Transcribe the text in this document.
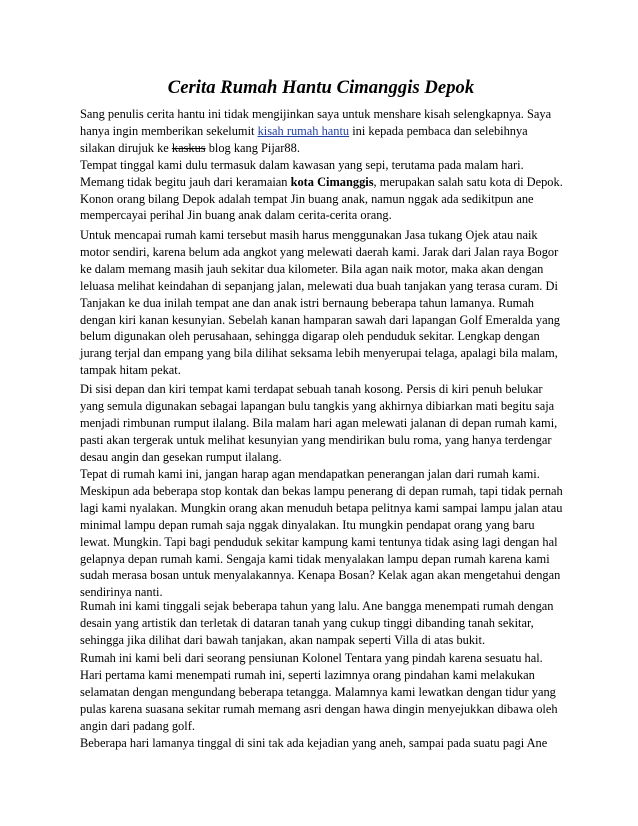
Cerita Rumah Hantu Cimanggis Depok

Sang penulis cerita hantu ini tidak mengijinkan saya untuk menshare kisah selengkapnya. Saya
hanya ingin memberikan sekelumit kisah rumah hantu ini kepada pembaca dan selebihnya
silakan dirujuk ke kaskus blog kang Pijar88.

Tempat tinggal kami dulu termasuk dalam kawasan yang sepi, terutama pada malam hari.
Memang tidak begitu jauh dari keramaian kota Cimanggis, merupakan salah satu kota di Depok.
Konon orang bilang Depok adalah tempat Jin buang anak, namun nggak ada sedikitpun ane
mempercayai perihal Jin buang anak dalam cerita-cerita orang.

Untuk mencapai rumah kami tersebut masih harus menggunakan Jasa tukang Ojek atau naik
motor sendiri, karena belum ada angkot yang melewati daerah kami. Jarak dari Jalan raya Bogor
ke dalam memang masih jauh sekitar dua kilometer. Bila agan naik motor, maka akan dengan
leluasa melihat keindahan di sepanjang jalan, melewati dua buah tanjakan yang terasa curam. Di
Tanjakan ke dua inilah tempat ane dan anak istri bernaung beberapa tahun lamanya. Rumah
dengan kiri kanan kesunyian. Sebelah kanan hamparan sawah dari lapangan Golf Emeralda yang
belum digunakan oleh perusahaan, sehingga digarap oleh penduduk sekitar. Lengkap dengan
jurang terjal dan empang yang bila dilihat seksama lebih menyerupai telaga, apalagi bila malam,
tampak hitam pekat.

Di sisi depan dan kiri tempat kami terdapat sebuah tanah kosong. Persis di kiri penuh belukar
yang semula digunakan sebagai lapangan bulu tangkis yang akhirnya dibiarkan mati begitu saja
menjadi rimbunan rumput ilalang. Bila malam hari agan melewati jalanan di depan rumah kami,
pasti akan tergerak untuk melihat kesunyian yang mendirikan bulu roma, yang hanya terdengar
desau angin dan gesekan rumput ilalang.

Tepat di rumah kami ini, jangan harap agan mendapatkan penerangan jalan dari rumah kami.
Meskipun ada beberapa stop kontak dan bekas lampu penerang di depan rumah, tapi tidak pernah
lagi kami nyalakan. Mungkin orang akan menuduh betapa pelitnya kami sampai lampu jalan atau
minimal lampu depan rumah saja nggak dinyalakan. Itu mungkin pendapat orang yang baru
lewat. Mungkin. Tapi bagi penduduk sekitar kampung kami tentunya tidak asing lagi dengan hal
gelapnya depan rumah kami. Sengaja kami tidak menyalakan lampu depan rumah karena kami
sudah merasa bosan untuk menyalakannya. Kenapa Bosan? Kelak agan akan mengetahui dengan
sendirinya nanti.

Rumah ini kami tinggali sejak beberapa tahun yang lalu. Ane bangga menempati rumah dengan
desain yang artistik dan terletak di dataran tanah yang cukup tinggi dibanding tanah sekitar,
sehingga jika dilihat dari bawah tanjakan, akan nampak seperti Villa di atas bukit.

Rumah ini kami beli dari seorang pensiunan Kolonel Tentara yang pindah karena sesuatu hal.
Hari pertama kami menempati rumah ini, seperti lazimnya orang pindahan kami melakukan
selamatan dengan mengundang beberapa tetangga. Malamnya kami lewatkan dengan tidur yang
pulas karena suasana sekitar rumah memang asri dengan hawa dingin menyejukkan dibawa oleh
angin dari padang golf.

Beberapa hari lamanya tinggal di sini tak ada kejadian yang aneh, sampai pada suatu pagi Ane
